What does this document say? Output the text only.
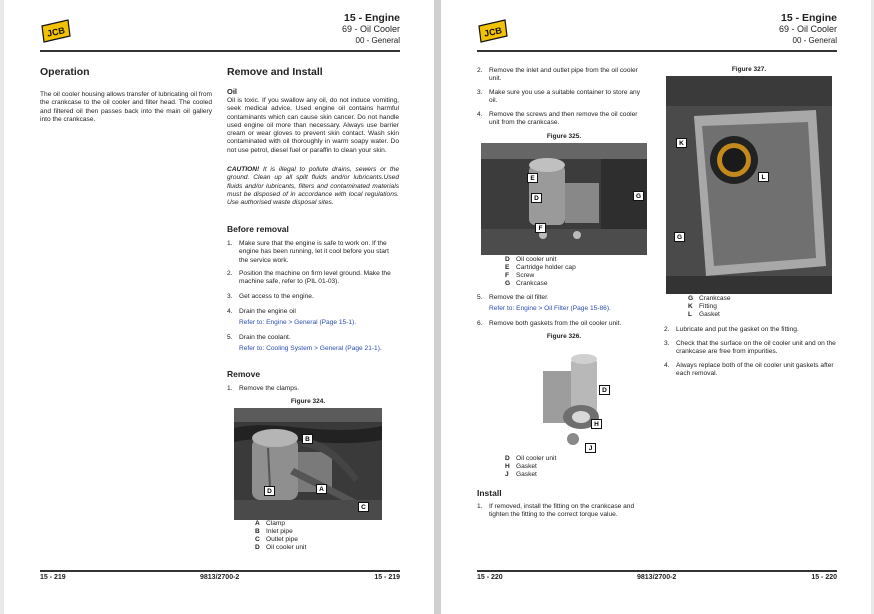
JCB
15 - Engine
69 - Oil Cooler
00 - General
Operation
The oil cooler housing allows transfer of lubricating oil from the crankcase to the oil cooler and filter head. The cooled and filtered oil then passes back into the main oil gallery into the crankcase.
Remove and Install
Oil
Oil is toxic. If you swallow any oil, do not induce vomiting, seek medical advice. Used engine oil contains harmful contaminants which can cause skin cancer. Do not handle used engine oil more than necessary. Always use barrier cream or wear gloves to prevent skin contact. Wash skin contaminated with oil thoroughly in warm soapy water. Do not use petrol, diesel fuel or paraffin to clean your skin.
CAUTION! It is illegal to pollute drains, sewers or the ground. Clean up all spilt fluids and/or lubricants.Used fluids and/or lubricants, filters and contaminated materials must be disposed of in accordance with local regulations. Use authorised waste disposal sites.
Before removal
1. Make sure that the engine is safe to work on. If the engine has been running, let it cool before you start the service work.
2. Position the machine on firm level ground. Make the machine safe, refer to (PIL 01-03).
3. Get access to the engine.
4. Drain the engine oil
Refer to: Engine > General (Page 15-1).
5. Drain the coolant.
Refer to: Cooling System > General (Page 21-1).
Remove
1. Remove the clamps.
Figure 324.
B
A
D
C
A Clamp
B Inlet pipe
C Outlet pipe
D Oil cooler unit
15 - 219	9813/2700-2	15 - 219
JCB
15 - Engine
69 - Oil Cooler
00 - General
2. Remove the inlet and outlet pipe from the oil cooler unit.
3. Make sure you use a suitable container to store any oil.
4. Remove the screws and then remove the oil cooler unit from the crankcase.
Figure 325.
E
D	G
F
D Oil cooler unit
E Cartridge holder cap
F Screw
G Crankcase
5. Remove the oil filter.
Refer to: Engine > Oil Filter (Page 15-86).
6. Remove both gaskets from the oil cooler unit.
Figure 326.
D
H
J
D Oil cooler unit
H Gasket
J Gasket
Install
1. If removed, install the fitting on the crankcase and tighten the fitting to the correct torque value.
Figure 327.
K
L
G
G Crankcase
K Fitting
L Gasket
2. Lubricate and put the gasket on the fitting.
3. Check that the surface on the oil cooler unit and on the crankcase are free from impurities.
4. Always replace both of the oil cooler unit gaskets after each removal.
15 - 220	9813/2700-2	15 - 220
